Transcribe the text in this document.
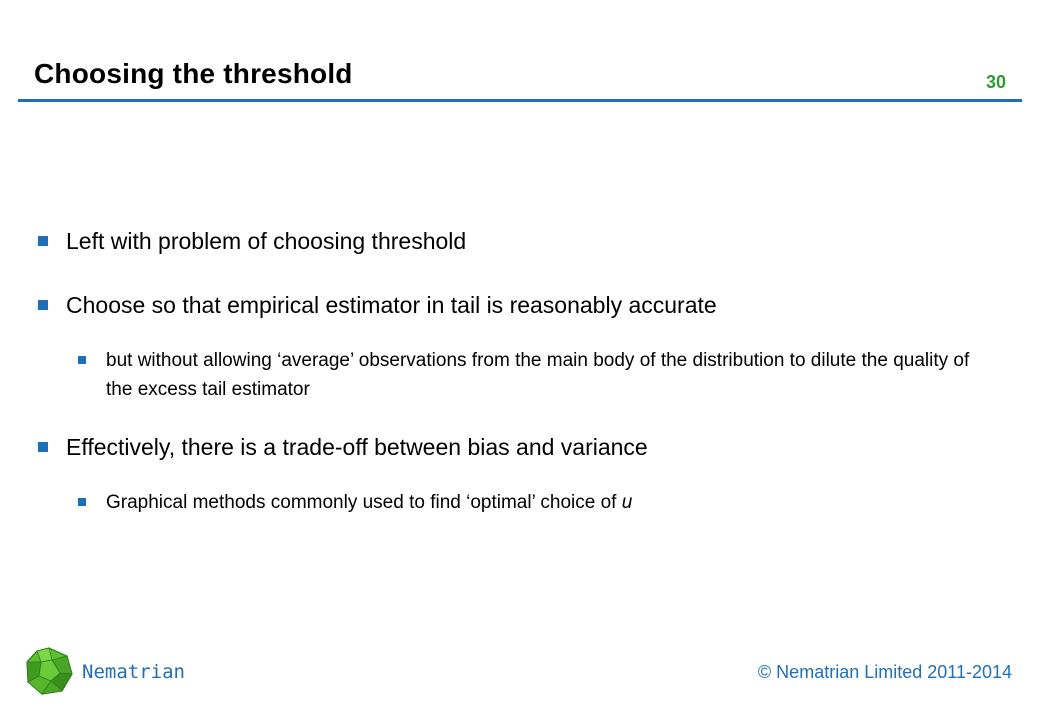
Choosing the threshold	30
Left with problem of choosing threshold
Choose so that empirical estimator in tail is reasonably accurate
but without allowing ‘average’ observations from the main body of the distribution to dilute the quality of the excess tail estimator
Effectively, there is a trade-off between bias and variance
Graphical methods commonly used to find ‘optimal’ choice of u
Nematrian	© Nematrian Limited 2011-2014
